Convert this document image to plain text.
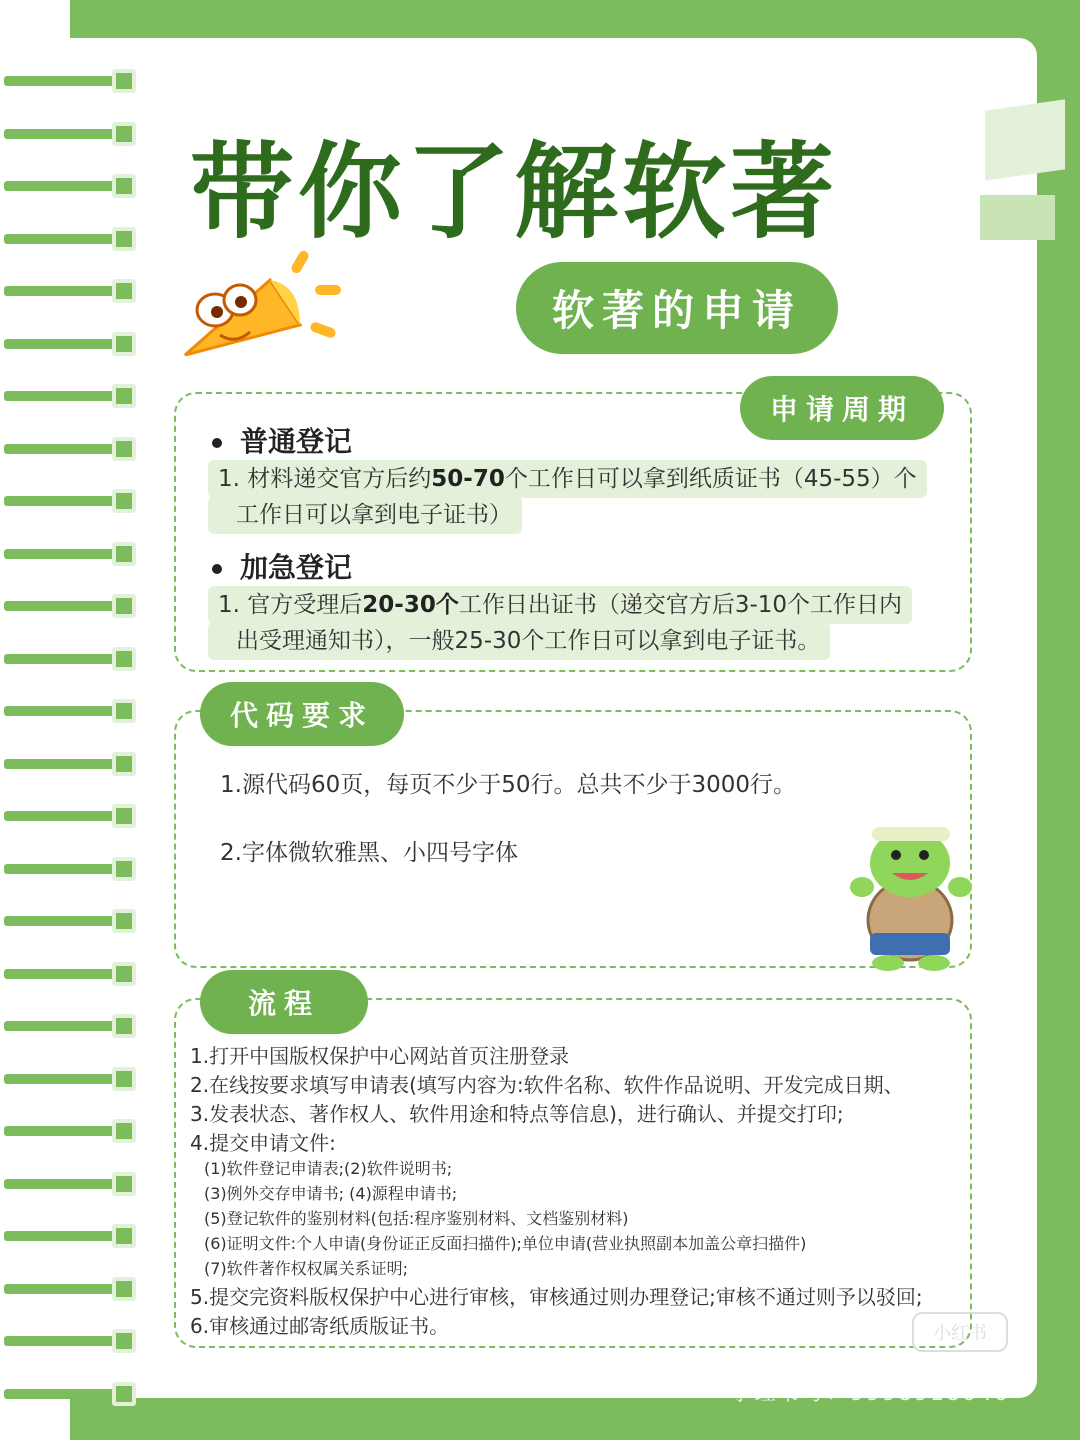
带你了解软著
软著的申请
申请周期
普通登记
1. 材料递交官方后约50-70个工作日可以拿到纸质证书（45-55）个
工作日可以拿到电子证书）
加急登记
1. 官方受理后20-30个工作日出证书（递交官方后3-10个工作日内
出受理通知书），一般25-30个工作日可以拿到电子证书。
代码要求
1.源代码60页，每页不少于50行。总共不少于3000行。
2.字体微软雅黑、小四号字体
流程
1.打开中国版权保护中心网站首页注册登录
2.在线按要求填写申请表(填写内容为:软件名称、软件作品说明、开发完成日期、
3.发表状态、著作权人、软件用途和特点等信息)，进行确认、并提交打印;
4.提交申请文件:
(1)软件登记申请表;(2)软件说明书;
(3)例外交存申请书; (4)源程申请书;
(5)登记软件的鉴别材料(包括:程序鉴别材料、文档鉴别材料)
(6)证明文件:个人申请(身份证正反面扫描件);单位申请(营业执照副本加盖公章扫描件)
(7)软件著作权权属关系证明;
5.提交完资料版权保护中心进行审核，审核通过则办理登记;审核不通过则予以驳回;
6.审核通过邮寄纸质版证书。	小红书
小红书号：9998918040
